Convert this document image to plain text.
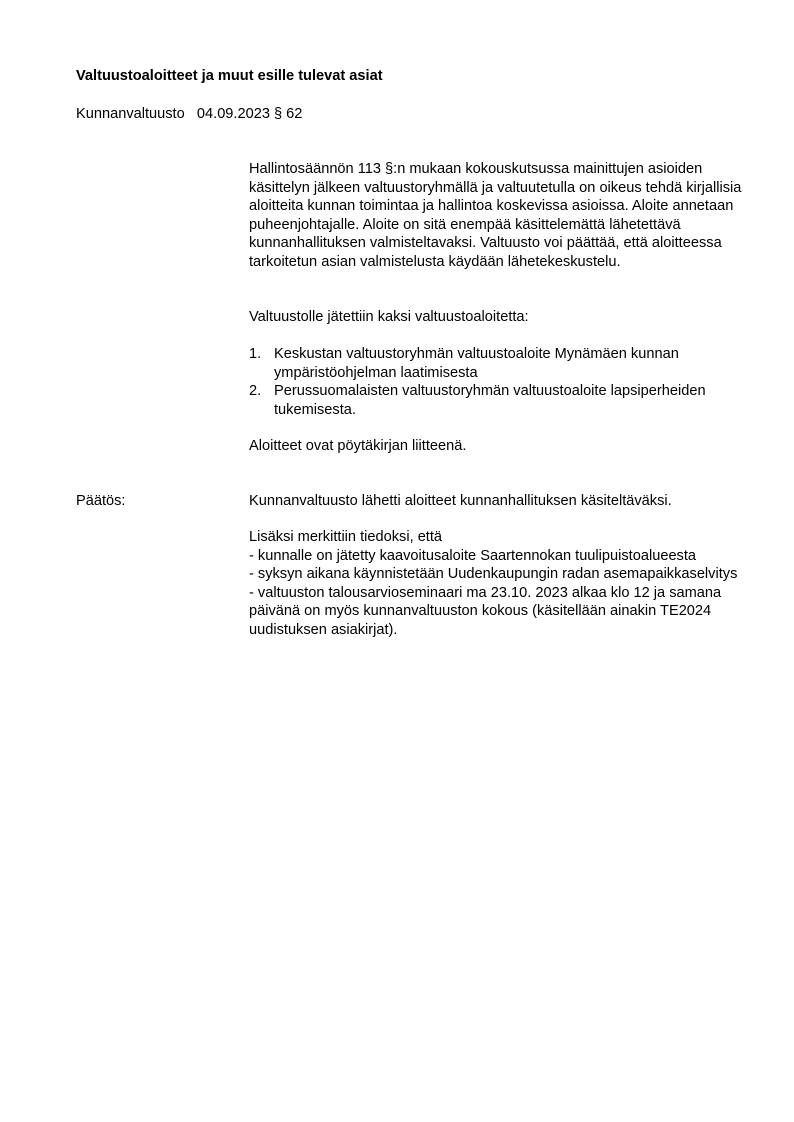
Valtuustoaloitteet ja muut esille tulevat asiat
Kunnanvaltuusto 04.09.2023 § 62

Hallintosäännön 113 §:n mukaan kokouskutsussa mainittujen asioiden käsittelyn jälkeen valtuustoryhmällä ja valtuutetulla on oikeus tehdä kirjallisia aloitteita kunnan toimintaa ja hallintoa koskevissa asioissa. Aloite annetaan puheenjohtajalle. Aloite on sitä enempää käsittelemättä lähetettävä kunnanhallituksen valmisteltavaksi. Valtuusto voi päättää, että aloitteessa tarkoitetun asian valmistelusta käydään lähetekeskustelu.

Valtuustolle jätettiin kaksi valtuustoaloitetta:

1. Keskustan valtuustoryhmän valtuustoaloite Mynämäen kunnan ympäristöohjelman laatimisesta
2. Perussuomalaisten valtuustoryhmän valtuustoaloite lapsiperheiden tukemisesta.

Aloitteet ovat pöytäkirjan liitteenä.

Päätös:	Kunnanvaltuusto lähetti aloitteet kunnanhallituksen käsiteltäväksi.

Lisäksi merkittiin tiedoksi, että
- kunnalle on jätetty kaavoitusaloite Saartennokan tuulipuistoalueesta
- syksyn aikana käynnistetään Uudenkaupungin radan asemapaikkaselvitys
- valtuuston talousarvioseminaari ma 23.10. 2023 alkaa klo 12 ja samana päivänä on myös kunnanvaltuuston kokous (käsitellään ainakin TE2024 uudistuksen asiakirjat).
